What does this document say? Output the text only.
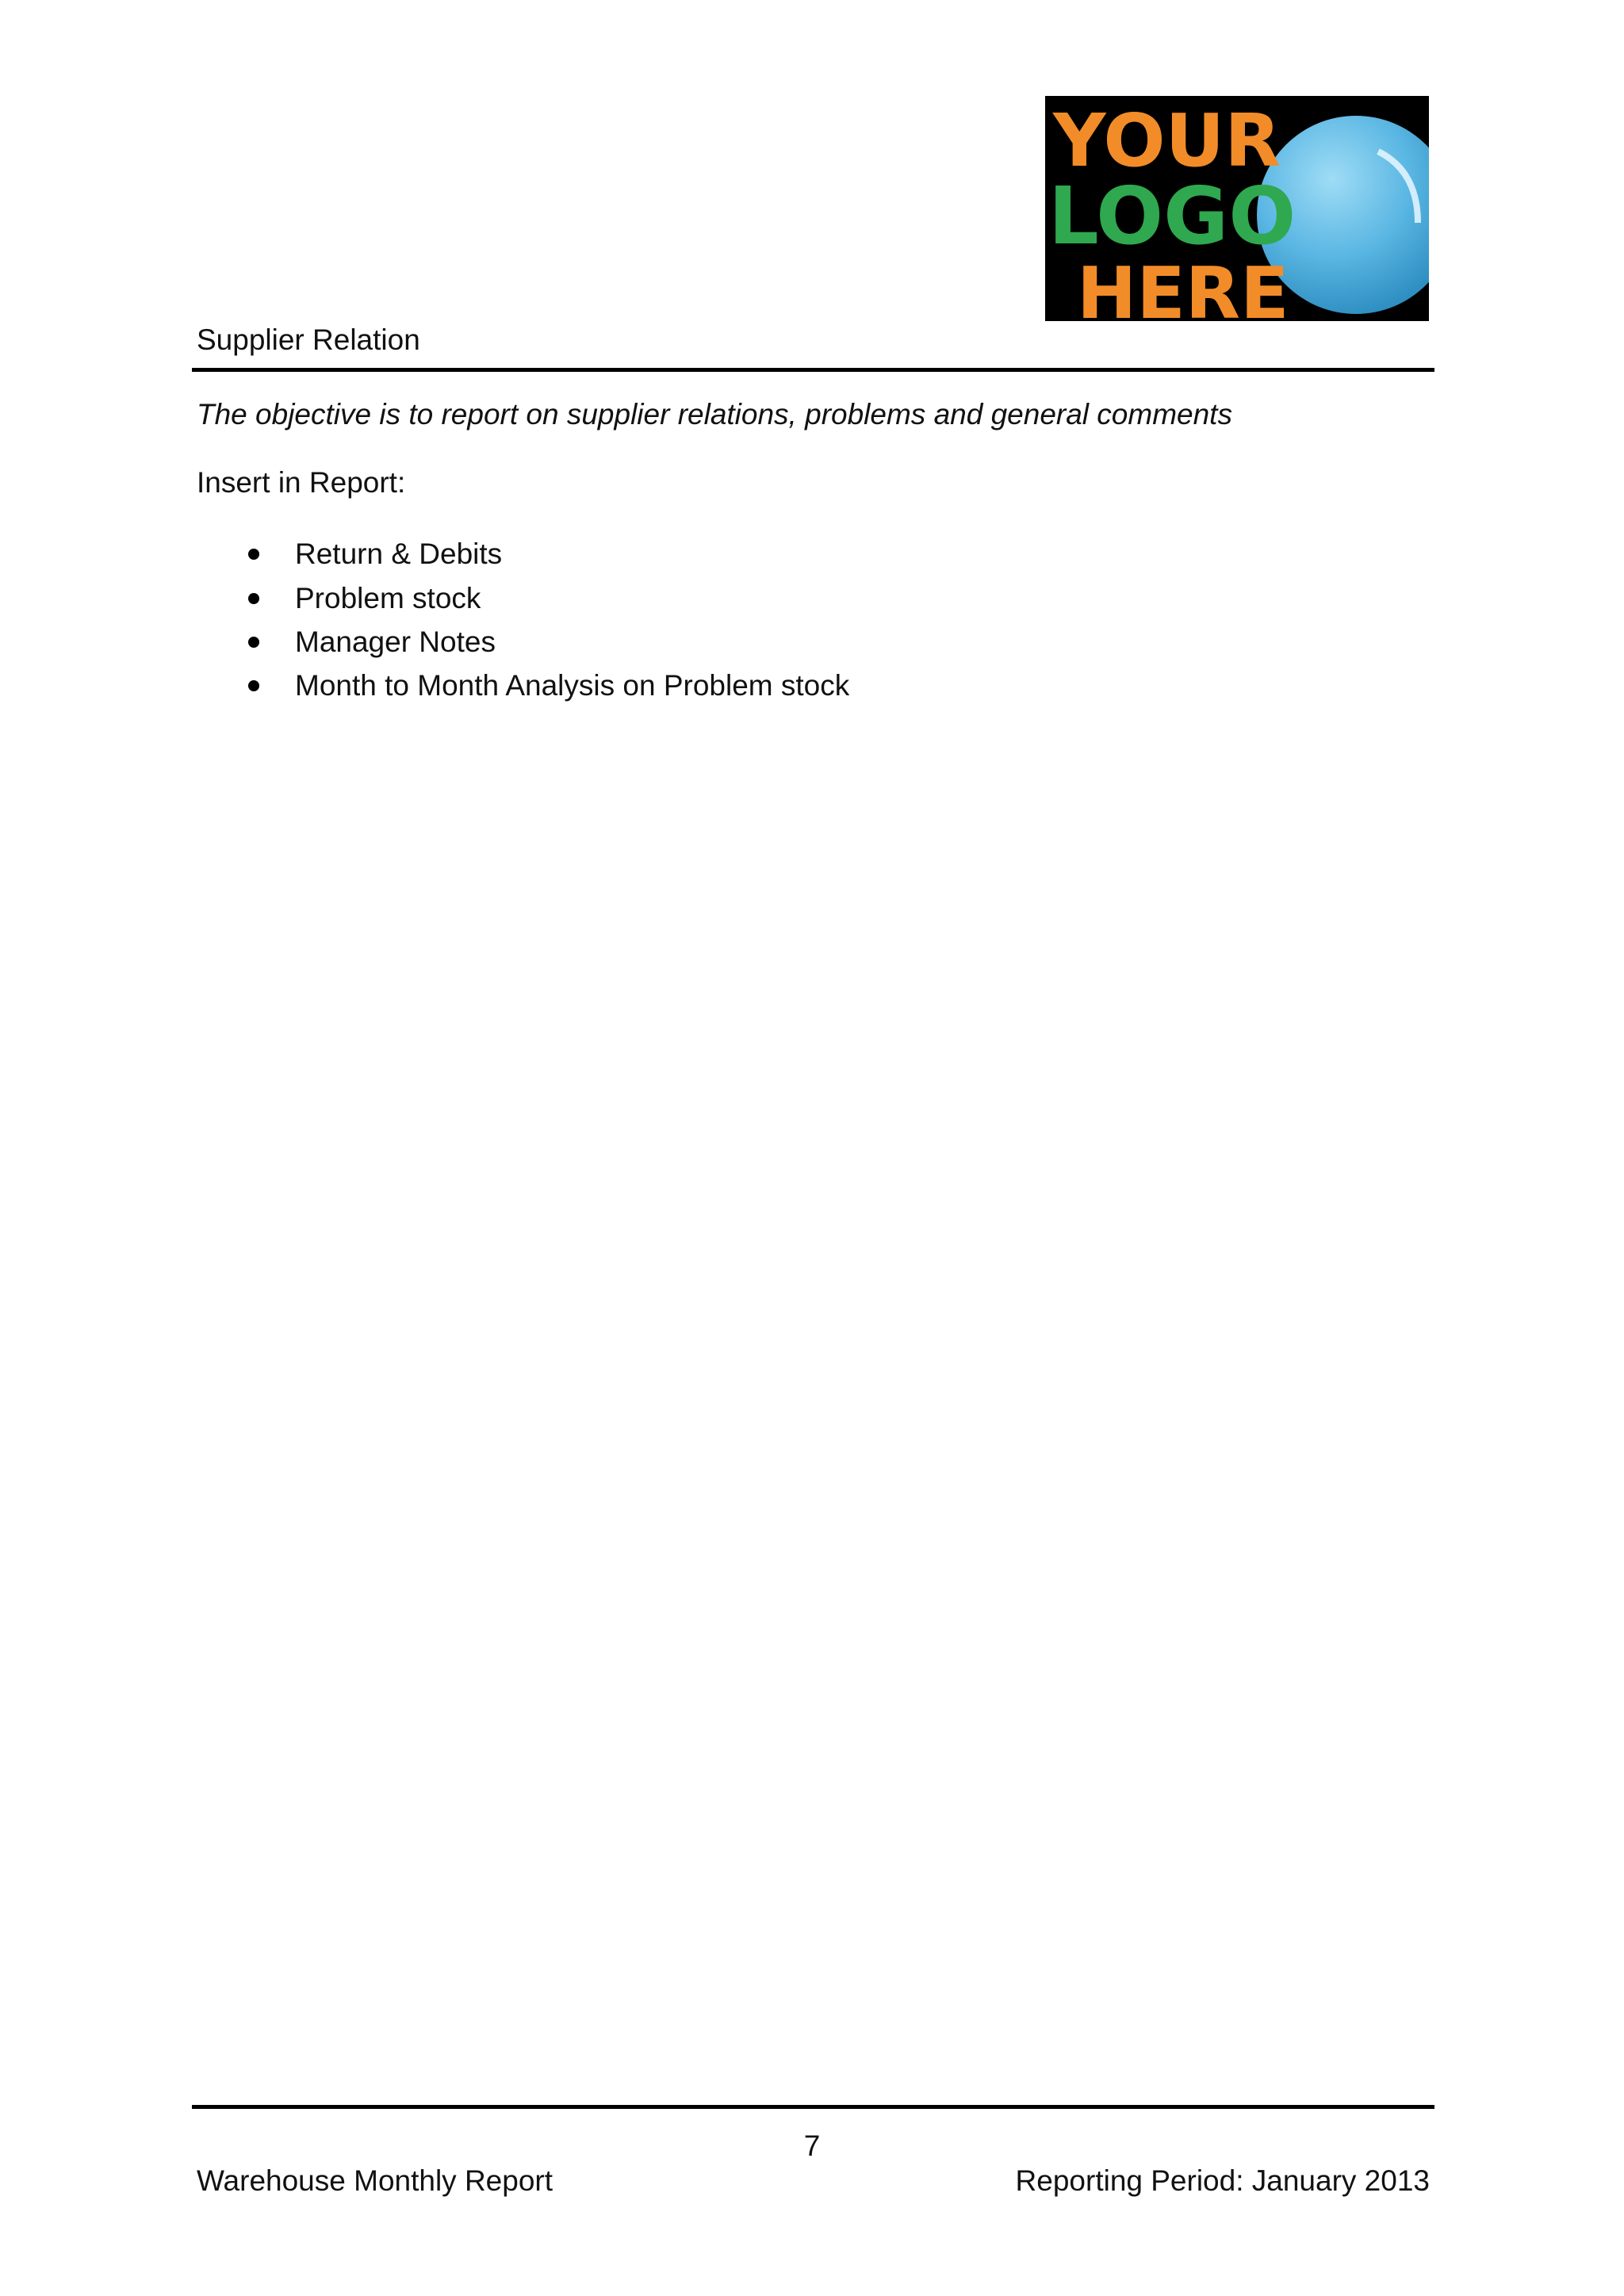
YOUR
LOGO
HERE
Supplier Relation
The objective is to report on supplier relations, problems and general comments
Insert in Report:
Return & Debits
Problem stock
Manager Notes
Month to Month Analysis on Problem stock
7
Warehouse Monthly Report	Reporting Period: January 2013
